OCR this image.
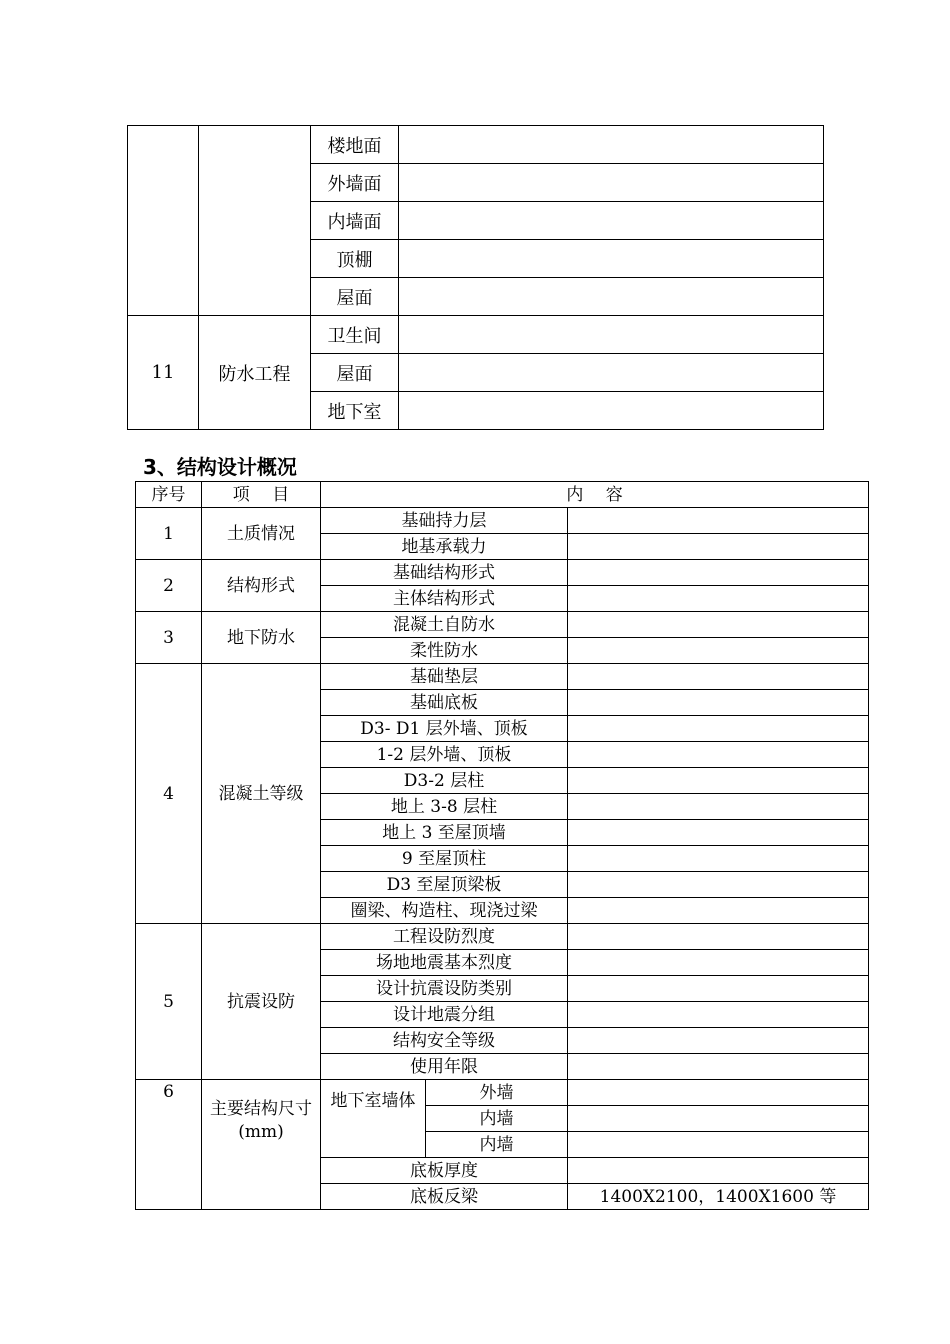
		楼地面	
		外墙面	
		内墙面	
		顶棚	
		屋面	
11	防水工程	卫生间	
		屋面	
		地下室	
3、结构设计概况
序号	项　 目	内　 容		
1	土质情况	基础持力层		
		地基承载力		
2	结构形式	基础结构形式		
		主体结构形式		
3	地下防水	混凝土自防水		
		柔性防水		
4	混凝土等级	基础垫层		
		基础底板		
		D3- D1 层外墙、顶板		
		1-2 层外墙、顶板		
		D3-2 层柱		
		地上 3-8 层柱		
		地上 3 至屋顶墙		
		9 至屋顶柱		
		D3 至屋顶梁板		
		圈梁、构造柱、现浇过梁		
5	抗震设防	工程设防烈度		
		场地地震基本烈度		
		设计抗震设防类别		
		设计地震分组		
		结构安全等级		
		使用年限		
6	主要结构尺寸(mm)	地下室墙体	外墙	
			内墙	
			内墙	
		底板厚度		
		底板反梁		1400X2100，1400X1600 等
